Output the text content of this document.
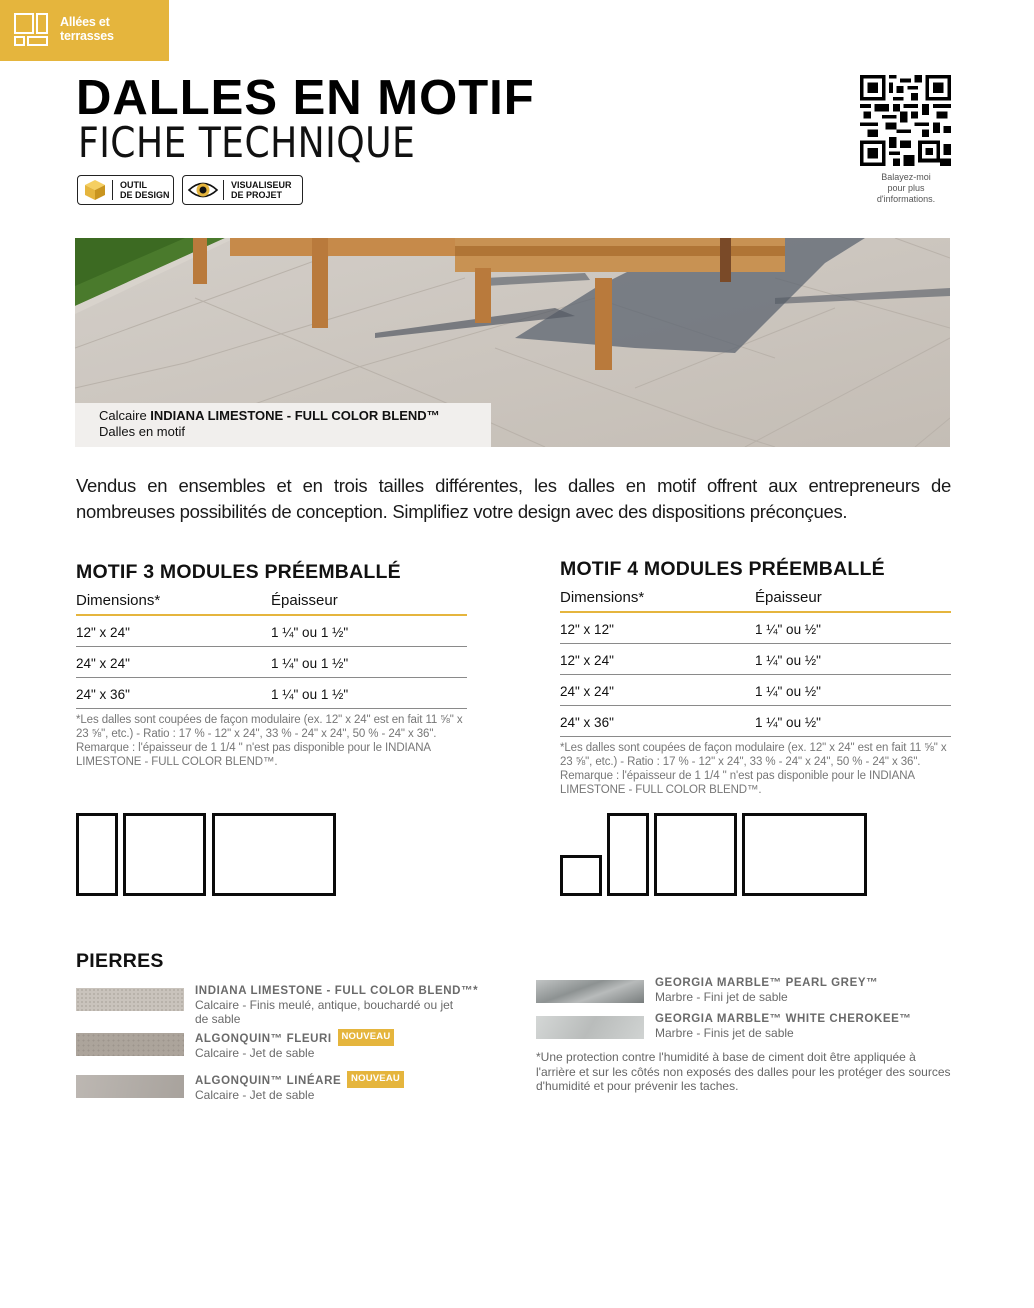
Allées et terrasses
DALLES EN MOTIF
FICHE TECHNIQUE
OUTIL
DE DESIGN
VISUALISEUR
DE PROJET
Balayez-moi
pour plus
d'informations.
Calcaire INDIANA LIMESTONE - FULL COLOR BLEND™
Dalles en motif

Vendus en ensembles et en trois tailles différentes, les dalles en motif offrent aux entrepreneurs de nombreuses possibilités de conception. Simplifiez votre design avec des dispositions préconçues.

MOTIF 3 MODULES PRÉEMBALLÉ
Dimensions*	Épaisseur
12" x 24"	1 ¼" ou 1 ½"
24" x 24"	1 ¼" ou 1 ½"
24" x 36"	1 ¼" ou 1 ½"

*Les dalles sont coupées de façon modulaire (ex. 12" x 24" est en fait 11 ⅝" x 23 ⅝", etc.) - Ratio : 17 % - 12" x 24", 33 % - 24" x 24", 50 % - 24" x 36". Remarque : l'épaisseur de 1 1/4 " n'est pas disponible pour le INDIANA LIMESTONE - FULL COLOR BLEND™.

MOTIF 4 MODULES PRÉEMBALLÉ
Dimensions*	Épaisseur
12" x 12"	1 ¼" ou ½"
12" x 24"	1 ¼" ou ½"
24" x 24"	1 ¼" ou ½"
24" x 36"	1 ¼" ou ½"

*Les dalles sont coupées de façon modulaire (ex. 12" x 24" est en fait 11 ⅝" x 23 ⅝", etc.) - Ratio : 17 % - 12" x 24", 33 % - 24" x 24", 50 % - 24" x 36". Remarque : l'épaisseur de 1 1/4 " n'est pas disponible pour le INDIANA LIMESTONE - FULL COLOR BLEND™.

PIERRES
INDIANA LIMESTONE - FULL COLOR BLEND™*
Calcaire - Finis meulé, antique, bouchardé ou jet de sable
ALGONQUIN™ FLEURI NOUVEAU
Calcaire - Jet de sable
ALGONQUIN™ LINÉARE NOUVEAU
Calcaire - Jet de sable
GEORGIA MARBLE™ PEARL GREY™
Marbre - Fini jet de sable
GEORGIA MARBLE™ WHITE CHEROKEE™
Marbre - Finis jet de sable

*Une protection contre l'humidité à base de ciment doit être appliquée à l'arrière et sur les côtés non exposés des dalles pour les protéger des sources d'humidité et pour prévenir les taches.
